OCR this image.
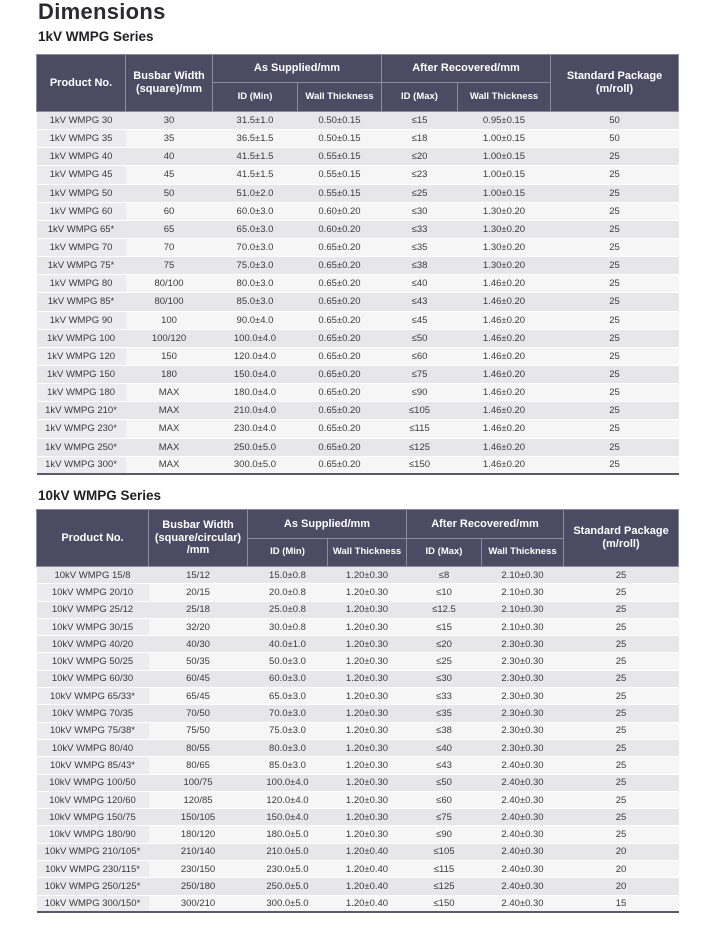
Dimensions
1kV WMPG Series
Product No.	Busbar Width (square)/mm	As Supplied/mm		After Recovered/mm		Standard Package (m/roll)
		ID (Min)	Wall Thickness	ID (Max)	Wall Thickness	
1kV WMPG 30	30	31.5±1.0	0.50±0.15	≤15	0.95±0.15	50
1kV WMPG 35	35	36.5±1.5	0.50±0.15	≤18	1.00±0.15	50
1kV WMPG 40	40	41.5±1.5	0.55±0.15	≤20	1.00±0.15	25
1kV WMPG 45	45	41.5±1.5	0.55±0.15	≤23	1.00±0.15	25
1kV WMPG 50	50	51.0±2.0	0.55±0.15	≤25	1.00±0.15	25
1kV WMPG 60	60	60.0±3.0	0.60±0.20	≤30	1.30±0.20	25
1kV WMPG 65*	65	65.0±3.0	0.60±0.20	≤33	1.30±0.20	25
1kV WMPG 70	70	70.0±3.0	0.65±0.20	≤35	1.30±0.20	25
1kV WMPG 75*	75	75.0±3.0	0.65±0.20	≤38	1.30±0.20	25
1kV WMPG 80	80/100	80.0±3.0	0.65±0.20	≤40	1.46±0.20	25
1kV WMPG 85*	80/100	85.0±3.0	0.65±0.20	≤43	1.46±0.20	25
1kV WMPG 90	100	90.0±4.0	0.65±0.20	≤45	1.46±0.20	25
1kV WMPG 100	100/120	100.0±4.0	0.65±0.20	≤50	1.46±0.20	25
1kV WMPG 120	150	120.0±4.0	0.65±0.20	≤60	1.46±0.20	25
1kV WMPG 150	180	150.0±4.0	0.65±0.20	≤75	1.46±0.20	25
1kV WMPG 180	MAX	180.0±4.0	0.65±0.20	≤90	1.46±0.20	25
1kV WMPG 210*	MAX	210.0±4.0	0.65±0.20	≤105	1.46±0.20	25
1kV WMPG 230*	MAX	230.0±4.0	0.65±0.20	≤115	1.46±0.20	25
1kV WMPG 250*	MAX	250.0±5.0	0.65±0.20	≤125	1.46±0.20	25
1kV WMPG 300*	MAX	300.0±5.0	0.65±0.20	≤150	1.46±0.20	25
10kV WMPG Series
Product No.	Busbar Width (square/circular) /mm	As Supplied/mm		After Recovered/mm		Standard Package (m/roll)
		ID (Min)	Wall Thickness	ID (Max)	Wall Thickness	
10kV WMPG 15/8	15/12	15.0±0.8	1.20±0.30	≤8	2.10±0.30	25
10kV WMPG 20/10	20/15	20.0±0.8	1.20±0.30	≤10	2.10±0.30	25
10kV WMPG 25/12	25/18	25.0±0.8	1.20±0.30	≤12.5	2.10±0.30	25
10kV WMPG 30/15	32/20	30.0±0.8	1.20±0.30	≤15	2.10±0.30	25
10kV WMPG 40/20	40/30	40.0±1.0	1.20±0.30	≤20	2.30±0.30	25
10kV WMPG 50/25	50/35	50.0±3.0	1.20±0.30	≤25	2.30±0.30	25
10kV WMPG 60/30	60/45	60.0±3.0	1.20±0.30	≤30	2.30±0.30	25
10kV WMPG 65/33*	65/45	65.0±3.0	1.20±0.30	≤33	2.30±0.30	25
10kV WMPG 70/35	70/50	70.0±3.0	1.20±0.30	≤35	2.30±0.30	25
10kV WMPG 75/38*	75/50	75.0±3.0	1.20±0.30	≤38	2.30±0.30	25
10kV WMPG 80/40	80/55	80.0±3.0	1.20±0.30	≤40	2.30±0.30	25
10kV WMPG 85/43*	80/65	85.0±3.0	1.20±0.30	≤43	2.40±0.30	25
10kV WMPG 100/50	100/75	100.0±4.0	1.20±0.30	≤50	2.40±0.30	25
10kV WMPG 120/60	120/85	120.0±4.0	1.20±0.30	≤60	2.40±0.30	25
10kV WMPG 150/75	150/105	150.0±4.0	1.20±0.30	≤75	2.40±0.30	25
10kV WMPG 180/90	180/120	180.0±5.0	1.20±0.30	≤90	2.40±0.30	25
10kV WMPG 210/105*	210/140	210.0±5.0	1.20±0.40	≤105	2.40±0.30	20
10kV WMPG 230/115*	230/150	230.0±5.0	1.20±0.40	≤115	2.40±0.30	20
10kV WMPG 250/125*	250/180	250.0±5.0	1.20±0.40	≤125	2.40±0.30	20
10kV WMPG 300/150*	300/210	300.0±5.0	1.20±0.40	≤150	2.40±0.30	15
